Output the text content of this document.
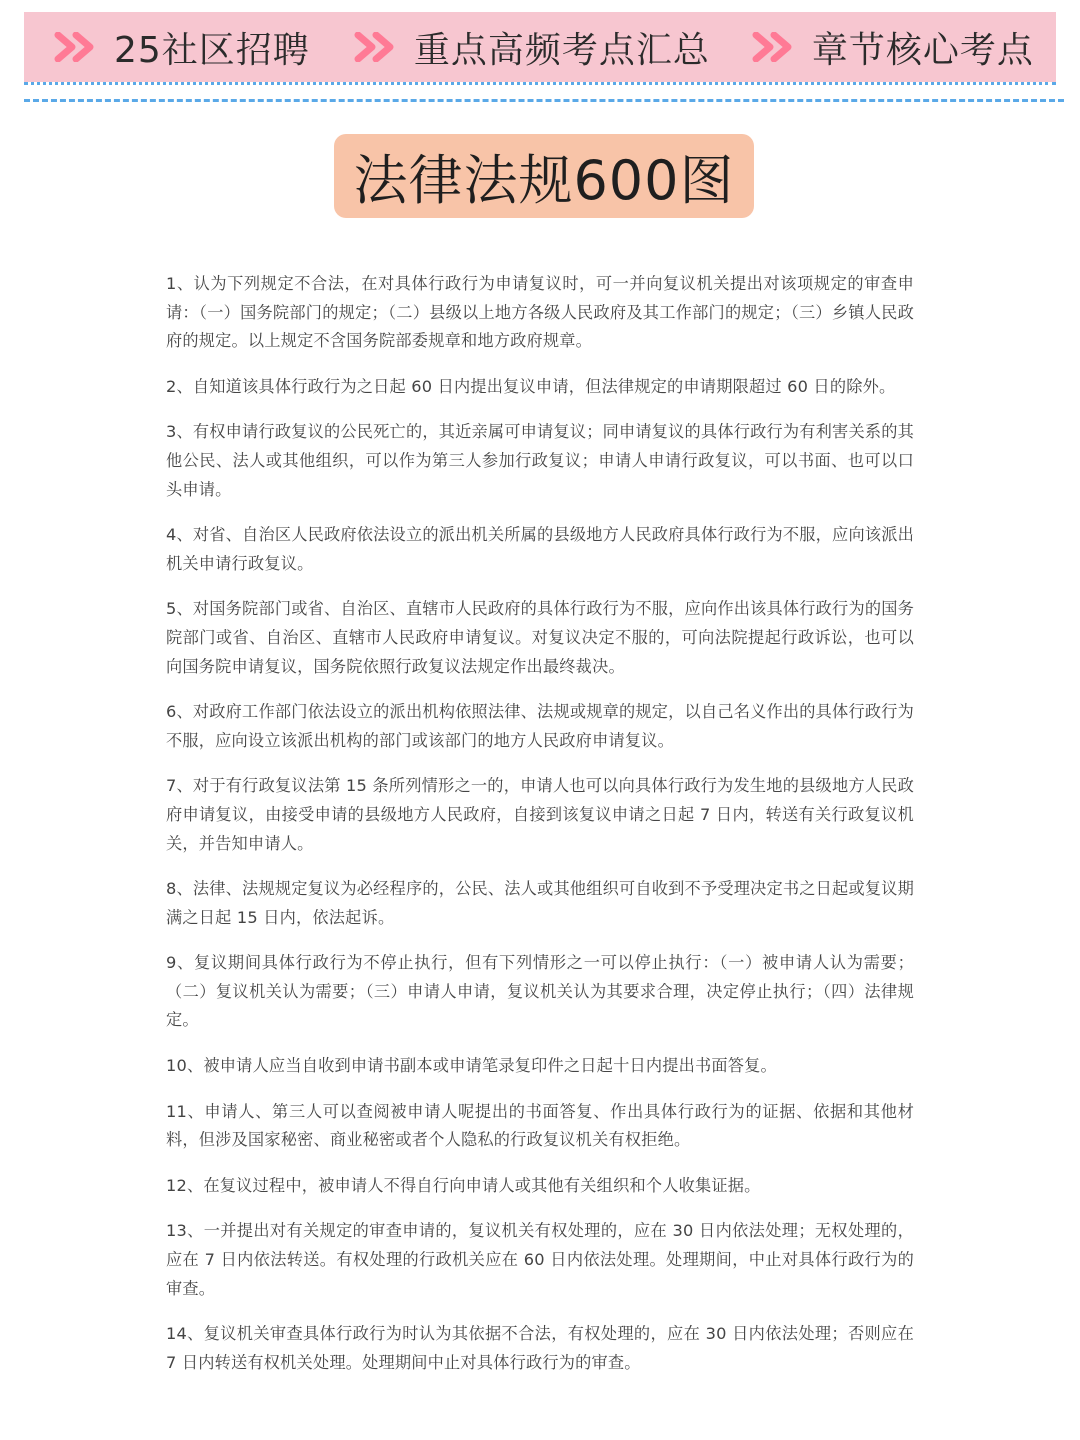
25社区招聘	重点高频考点汇总	章节核心考点
法律法规600图

1、认为下列规定不合法，在对具体行政行为申请复议时，可一并向复议机关提出对该项规定的审查申请：（一）国务院部门的规定；（二）县级以上地方各级人民政府及其工作部门的规定；（三）乡镇人民政府的规定。以上规定不含国务院部委规章和地方政府规章。

2、自知道该具体行政行为之日起 60 日内提出复议申请，但法律规定的申请期限超过 60 日的除外。

3、有权申请行政复议的公民死亡的，其近亲属可申请复议；同申请复议的具体行政行为有利害关系的其他公民、法人或其他组织，可以作为第三人参加行政复议；申请人申请行政复议，可以书面、也可以口头申请。

4、对省、自治区人民政府依法设立的派出机关所属的县级地方人民政府具体行政行为不服，应向该派出机关申请行政复议。

5、对国务院部门或省、自治区、直辖市人民政府的具体行政行为不服，应向作出该具体行政行为的国务院部门或省、自治区、直辖市人民政府申请复议。对复议决定不服的，可向法院提起行政诉讼，也可以向国务院申请复议，国务院依照行政复议法规定作出最终裁决。

6、对政府工作部门依法设立的派出机构依照法律、法规或规章的规定，以自己名义作出的具体行政行为不服，应向设立该派出机构的部门或该部门的地方人民政府申请复议。

7、对于有行政复议法第 15 条所列情形之一的，申请人也可以向具体行政行为发生地的县级地方人民政府申请复议，由接受申请的县级地方人民政府，自接到该复议申请之日起 7 日内，转送有关行政复议机关，并告知申请人。

8、法律、法规规定复议为必经程序的，公民、法人或其他组织可自收到不予受理决定书之日起或复议期满之日起 15 日内，依法起诉。

9、复议期间具体行政行为不停止执行，但有下列情形之一可以停止执行：（一）被申请人认为需要；（二）复议机关认为需要；（三）申请人申请，复议机关认为其要求合理，决定停止执行；（四）法律规定。

10、被申请人应当自收到申请书副本或申请笔录复印件之日起十日内提出书面答复。

11、申请人、第三人可以查阅被申请人呢提出的书面答复、作出具体行政行为的证据、依据和其他材料，但涉及国家秘密、商业秘密或者个人隐私的行政复议机关有权拒绝。

12、在复议过程中，被申请人不得自行向申请人或其他有关组织和个人收集证据。

13、一并提出对有关规定的审查申请的，复议机关有权处理的，应在 30 日内依法处理；无权处理的，应在 7 日内依法转送。有权处理的行政机关应在 60 日内依法处理。处理期间，中止对具体行政行为的审查。

14、复议机关审查具体行政行为时认为其依据不合法，有权处理的，应在 30 日内依法处理；否则应在 7 日内转送有权机关处理。处理期间中止对具体行政行为的审查。
